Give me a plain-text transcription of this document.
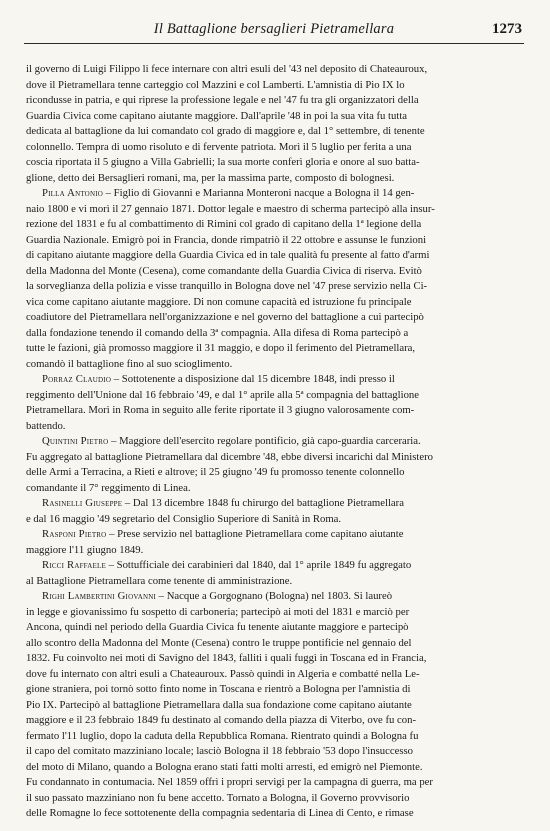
Il Battaglione bersaglieri Pietramellara	1273
il governo di Luigi Filippo li fece internare con altri esuli del '43 nel deposito di Chateauroux,
dove il Pietramellara tenne carteggio col Mazzini e col Lamberti. L'amnistia di Pio IX lo
ricondusse in patria, e qui riprese la professione legale e nel '47 fu tra gli organizzatori della
Guardia Civica come capitano aiutante maggiore. Dall'aprile '48 in poi la sua vita fu tutta
dedicata al battaglione da lui comandato col grado di maggiore e, dal 1° settembre, di tenente
colonnello. Tempra di uomo risoluto e di fervente patriota. Morì il 5 luglio per ferita a una
coscia riportata il 5 giugno a Villa Gabrielli; la sua morte conferì gloria e onore al suo batta-
glione, detto dei Bersaglieri romani, ma, per la massima parte, composto di bolognesi.
Pilla Antonio – Figlio di Giovanni e Marianna Monteroni nacque a Bologna il 14 gen-
naio 1800 e vi morì il 27 gennaio 1871. Dottor legale e maestro di scherma partecipò alla insur-
rezione del 1831 e fu al combattimento di Rimini col grado di capitano della 1ª legione della
Guardia Nazionale. Emigrò poi in Francia, donde rimpatriò il 22 ottobre e assunse le funzioni
di capitano aiutante maggiore della Guardia Civica ed in tale qualità fu presente al fatto d'armi
della Madonna del Monte (Cesena), come comandante della Guardia Civica di riserva. Evitò
la sorveglianza della polizia e visse tranquillo in Bologna dove nel '47 prese servizio nella Ci-
vica come capitano aiutante maggiore. Di non comune capacità ed istruzione fu principale
coadiutore del Pietramellara nell'organizzazione e nel governo del battaglione a cui partecipò
dalla fondazione tenendo il comando della 3ª compagnia. Alla difesa di Roma partecipò a
tutte le fazioni, già promosso maggiore il 31 maggio, e dopo il ferimento del Pietramellara,
comandò il battaglione fino al suo scioglimento.
Porraz Claudio – Sottotenente a disposizione dal 15 dicembre 1848, indi presso il
reggimento dell'Unione dal 16 febbraio '49, e dal 1° aprile alla 5ª compagnia del battaglione
Pietramellara. Morì in Roma in seguito alle ferite riportate il 3 giugno valorosamente com-
battendo.
Quintini Pietro – Maggiore dell'esercito regolare pontificio, già capo-guardia carceraria.
Fu aggregato al battaglione Pietramellara dal dicembre '48, ebbe diversi incarichi dal Ministero
delle Armi a Terracina, a Rieti e altrove; il 25 giugno '49 fu promosso tenente colonnello
comandante il 7° reggimento di Linea.
Rasinelli Giuseppe – Dal 13 dicembre 1848 fu chirurgo del battaglione Pietramellara
e dal 16 maggio '49 segretario del Consiglio Superiore di Sanità in Roma.
Rasponi Pietro – Prese servizio nel battaglione Pietramellara come capitano aiutante
maggiore l'11 giugno 1849.
Ricci Raffaele – Sottufficiale dei carabinieri dal 1840, dal 1° aprile 1849 fu aggregato
al Battaglione Pietramellara come tenente di amministrazione.
Righi Lambertini Giovanni – Nacque a Gorgognano (Bologna) nel 1803. Si laureò
in legge e giovanissimo fu sospetto di carboneria; partecipò ai moti del 1831 e marciò per
Ancona, quindi nel periodo della Guardia Civica fu tenente aiutante maggiore e partecipò
allo scontro della Madonna del Monte (Cesena) contro le truppe pontificie nel gennaio del
1832. Fu coinvolto nei moti di Savigno del 1843, falliti i quali fuggì in Toscana ed in Francia,
dove fu internato con altri esuli a Chateauroux. Passò quindi in Algeria e combatté nella Le-
gione straniera, poi tornò sotto finto nome in Toscana e rientrò a Bologna per l'amnistia di
Pio IX. Partecipò al battaglione Pietramellara dalla sua fondazione come capitano aiutante
maggiore e il 23 febbraio 1849 fu destinato al comando della piazza di Viterbo, ove fu con-
fermato l'11 luglio, dopo la caduta della Repubblica Romana. Rientrato quindi a Bologna fu
il capo del comitato mazziniano locale; lasciò Bologna il 18 febbraio '53 dopo l'insuccesso
del moto di Milano, quando a Bologna erano stati fatti molti arresti, ed emigrò nel Piemonte.
Fu condannato in contumacia. Nel 1859 offrì i propri servigi per la campagna di guerra, ma per
il suo passato mazziniano non fu bene accetto. Tornato a Bologna, il Governo provvisorio
delle Romagne lo fece sottotenente della compagnia sedentaria di Linea di Cento, e rimase
